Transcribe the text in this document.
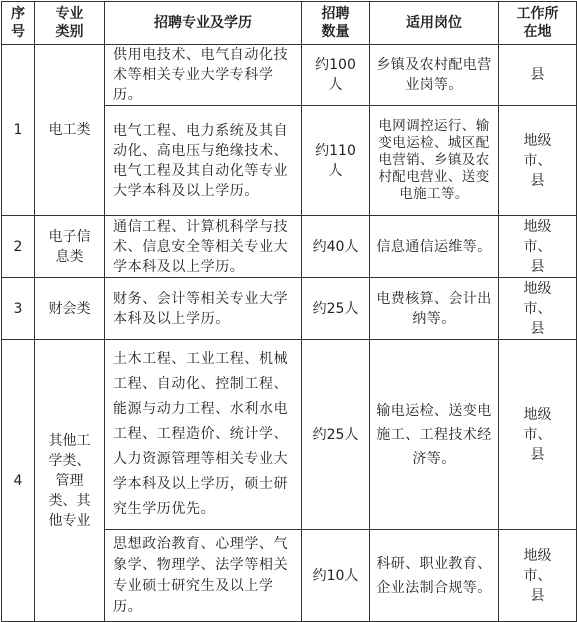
序号	专业类别	招聘专业及学历	招聘数量	适用岗位	工作所在地
1	电工类	供用电技术、电气自动化技术等相关专业大学专科学历。	约100人	乡镇及农村配电营业岗等。	县
		电气工程、电力系统及其自动化、高电压与绝缘技术、电气工程及其自动化等专业大学本科及以上学历。	约110人	电网调控运行、输变电运检、城区配电营销、乡镇及农村配电营业、送变电施工等。	地级市、县
2	电子信息类	通信工程、计算机科学与技术、信息安全等相关专业大学本科及以上学历。	约40人	信息通信运维等。	地级市、县
3	财会类	财务、会计等相关专业大学本科及以上学历。	约25人	电费核算、会计出纳等。	地级市、县
4	其他工学类、管理类、其他专业	土木工程、工业工程、机械工程、自动化、控制工程、能源与动力工程、水利水电工程、工程造价、统计学、人力资源管理等相关专业大学本科及以上学历，硕士研究生学历优先。	约25人	输电运检、送变电施工、工程技术经济等。	地级市、县
		思想政治教育、心理学、气象学、物理学、法学等相关专业硕士研究生及以上学历。	约10人	科研、职业教育、企业法制合规等。	地级市、县
